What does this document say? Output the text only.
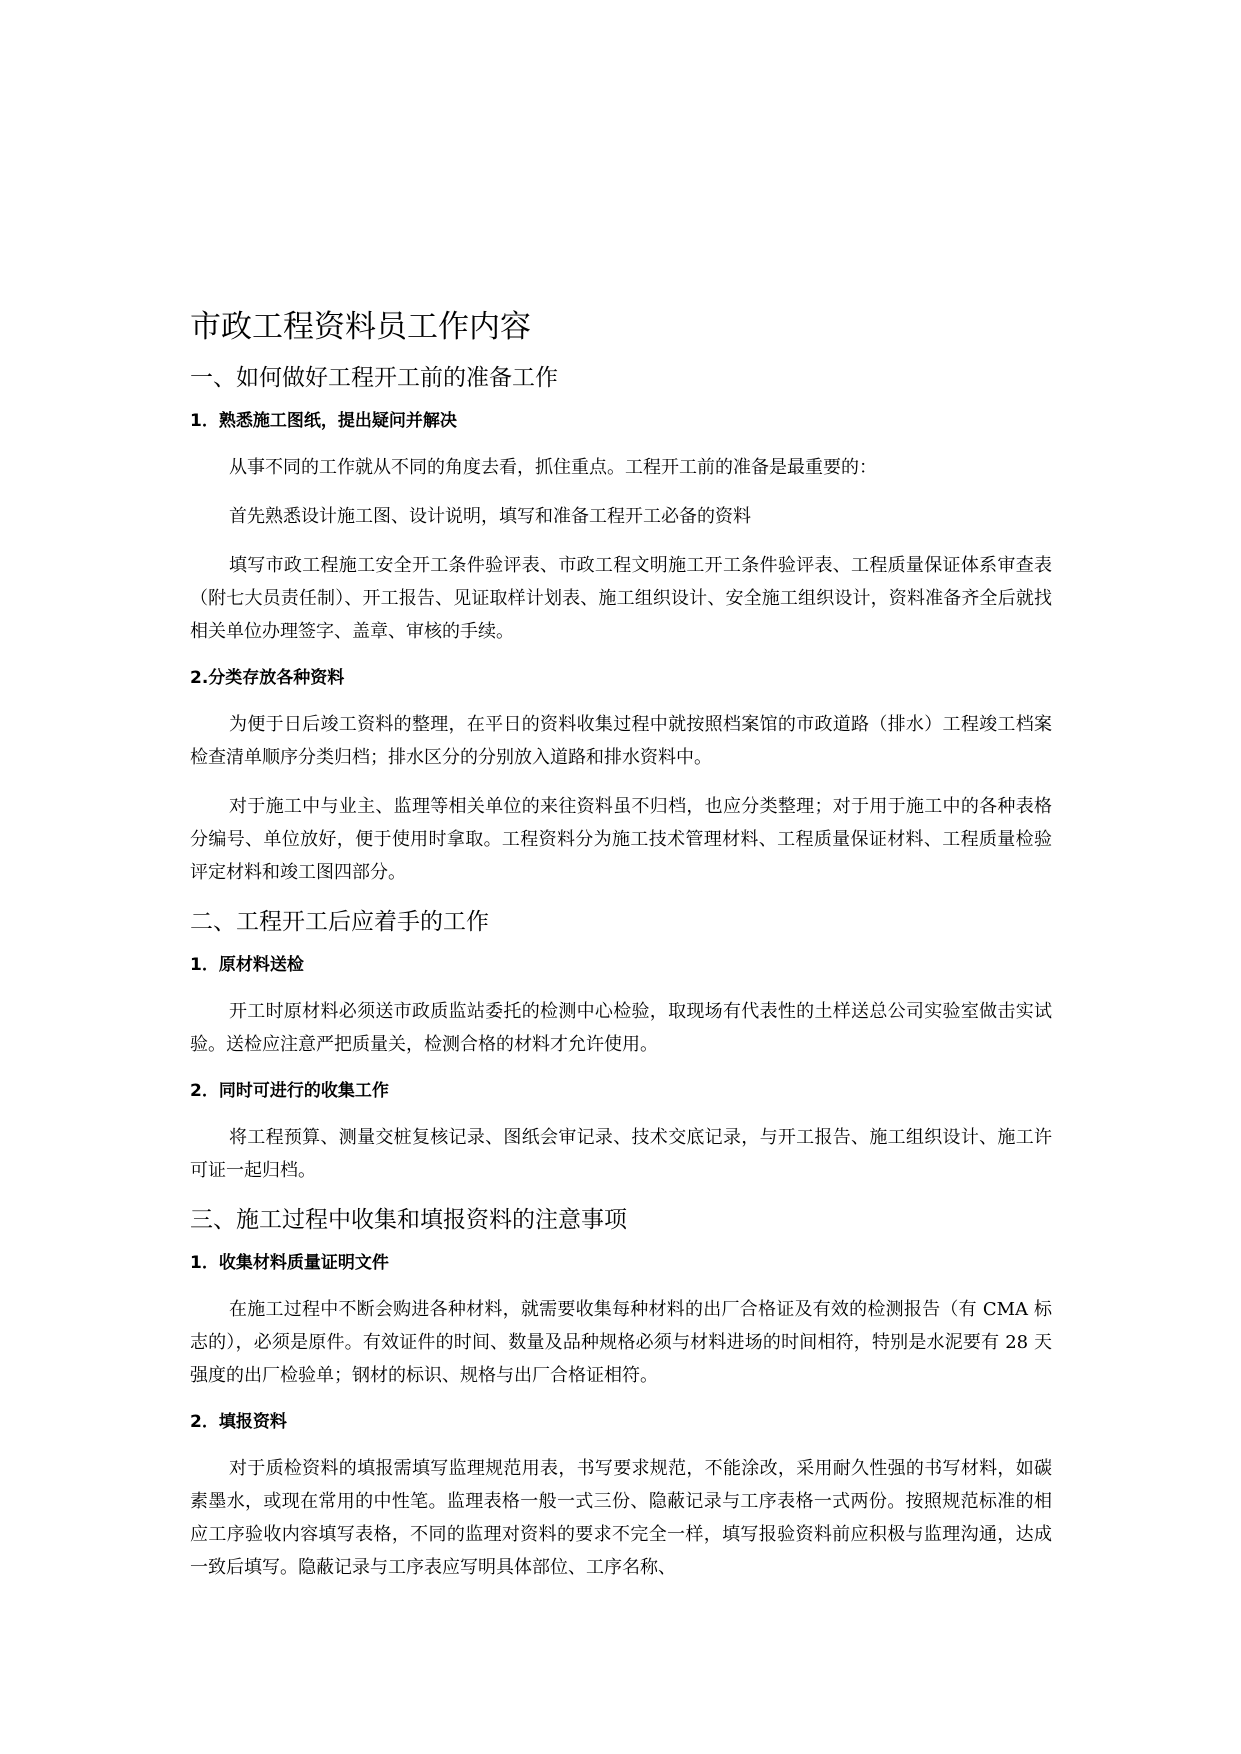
市政工程资料员工作内容
一、如何做好工程开工前的准备工作
1．熟悉施工图纸，提出疑问并解决

从事不同的工作就从不同的角度去看，抓住重点。工程开工前的准备是最重要的：

首先熟悉设计施工图、设计说明，填写和准备工程开工必备的资料

填写市政工程施工安全开工条件验评表、市政工程文明施工开工条件验评表、工程质量保证体系审查表（附七大员责任制）、开工报告、见证取样计划表、施工组织设计、安全施工组织设计，资料准备齐全后就找相关单位办理签字、盖章、审核的手续。

2.分类存放各种资料

为便于日后竣工资料的整理，在平日的资料收集过程中就按照档案馆的市政道路（排水）工程竣工档案检查清单顺序分类归档；排水区分的分别放入道路和排水资料中。

对于施工中与业主、监理等相关单位的来往资料虽不归档，也应分类整理；对于用于施工中的各种表格分编号、单位放好，便于使用时拿取。工程资料分为施工技术管理材料、工程质量保证材料、工程质量检验评定材料和竣工图四部分。

二、工程开工后应着手的工作
1．原材料送检

开工时原材料必须送市政质监站委托的检测中心检验，取现场有代表性的土样送总公司实验室做击实试验。送检应注意严把质量关，检测合格的材料才允许使用。

2．同时可进行的收集工作

将工程预算、测量交桩复核记录、图纸会审记录、技术交底记录，与开工报告、施工组织设计、施工许可证一起归档。

三、施工过程中收集和填报资料的注意事项
1．收集材料质量证明文件

在施工过程中不断会购进各种材料，就需要收集每种材料的出厂合格证及有效的检测报告（有 CMA 标志的），必须是原件。有效证件的时间、数量及品种规格必须与材料进场的时间相符，特别是水泥要有 28 天强度的出厂检验单；钢材的标识、规格与出厂合格证相符。

2．填报资料

对于质检资料的填报需填写监理规范用表，书写要求规范，不能涂改，采用耐久性强的书写材料，如碳素墨水，或现在常用的中性笔。监理表格一般一式三份、隐蔽记录与工序表格一式两份。按照规范标准的相应工序验收内容填写表格，不同的监理对资料的要求不完全一样，填写报验资料前应积极与监理沟通，达成一致后填写。隐蔽记录与工序表应写明具体部位、工序名称、
